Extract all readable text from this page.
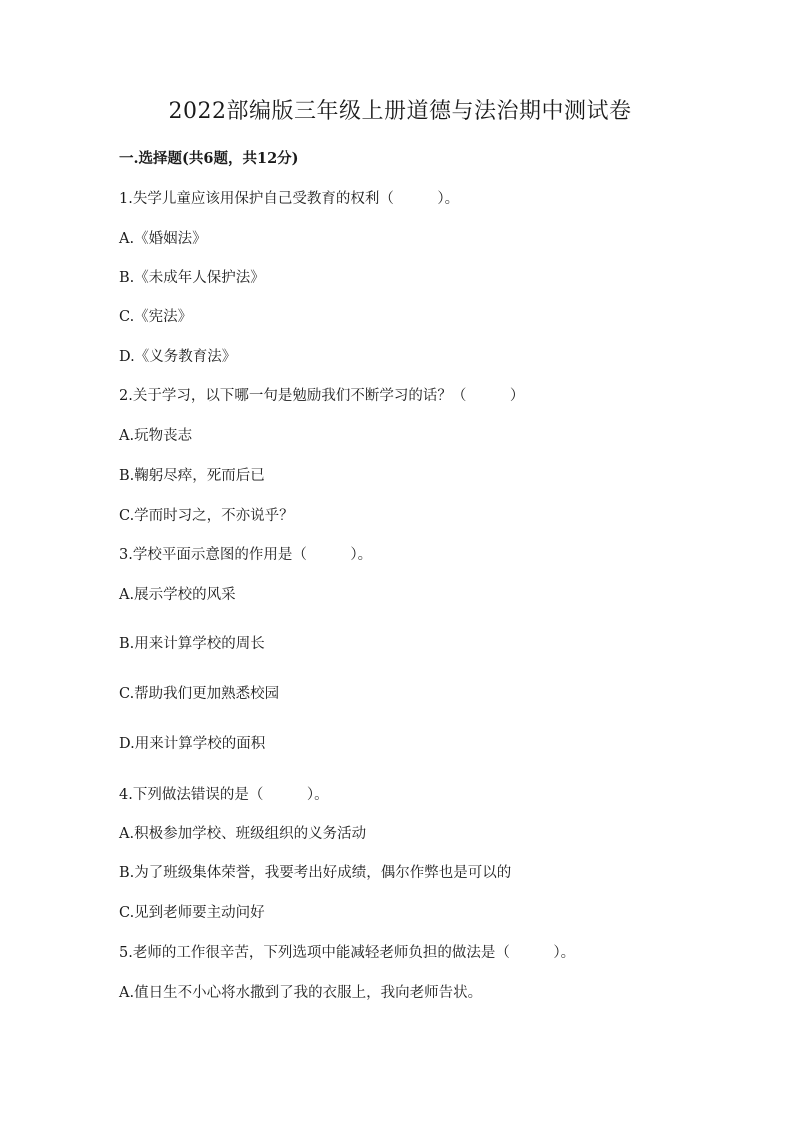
2022部编版三年级上册道德与法治期中测试卷
一.选择题(共6题，共12分)
1.失学儿童应该用保护自己受教育的权利（　　　）。
A.《婚姻法》
B.《未成年人保护法》
C.《宪法》
D.《义务教育法》
2.关于学习，以下哪一句是勉励我们不断学习的话？（　　　）
A.玩物丧志
B.鞠躬尽瘁，死而后已
C.学而时习之，不亦说乎？
3.学校平面示意图的作用是（　　　）。
A.展示学校的风采
B.用来计算学校的周长
C.帮助我们更加熟悉校园
D.用来计算学校的面积
4.下列做法错误的是（　　　）。
A.积极参加学校、班级组织的义务活动
B.为了班级集体荣誉，我要考出好成绩，偶尔作弊也是可以的
C.见到老师要主动问好
5.老师的工作很辛苦，下列选项中能减轻老师负担的做法是（　　　）。
A.值日生不小心将水撒到了我的衣服上，我向老师告状。
